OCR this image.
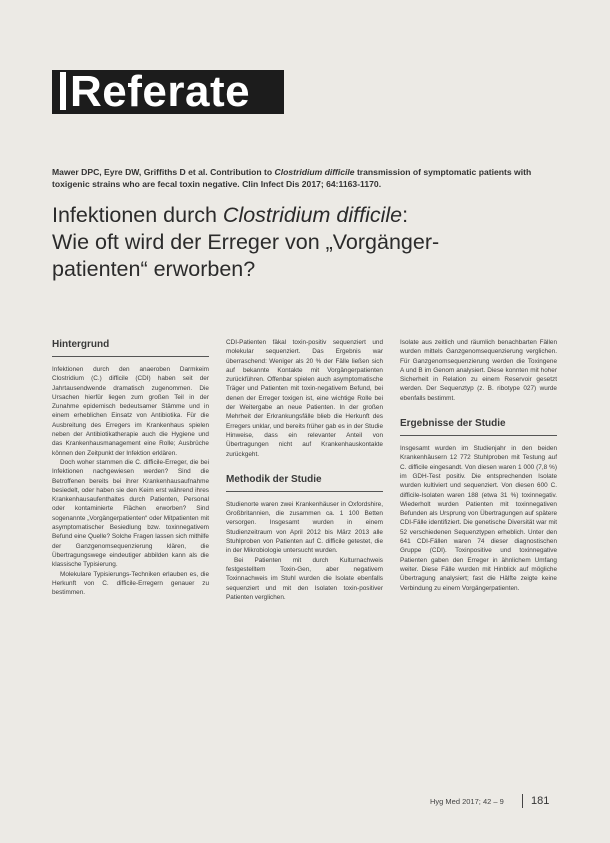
Referate
Mawer DPC, Eyre DW, Griffiths D et al. Contribution to Clostridium difficile transmission of symptomatic patients with toxigenic strains who are fecal toxin negative. Clin Infect Dis 2017; 64:1163-1170.
Infektionen durch Clostridium difficile:
Wie oft wird der Erreger von „Vorgänger-
patienten“ erworben?
Hintergrund

Infektionen durch den anaeroben Darmkeim Clostridium (C.) difficile (CDI) haben seit der Jahrtausendwende dramatisch zugenommen. Die Ursachen hierfür liegen zum großen Teil in der Zunahme epidemisch bedeutsamer Stämme und in einem erheblichen Einsatz von Antibiotika. Für die Ausbreitung des Erregers im Krankenhaus spielen neben der Antibiotikatherapie auch die Hygiene und das Krankenhausmanagement eine Rolle; Ausbrüche können den Zeitpunkt der Infektion erklären.

Doch woher stammen die C. difficile-Erreger, die bei Infektionen nachgewiesen werden? Sind die Betroffenen bereits bei ihrer Krankenhausaufnahme besiedelt, oder haben sie den Keim erst während ihres Krankenhausaufenthaltes durch Patienten, Personal oder kontaminierte Flächen erworben? Sind sogenannte „Vorgängerpatienten“ oder Mitpatienten mit asymptomatischer Besiedlung bzw. toxinnegativem Befund eine Quelle? Solche Fragen lassen sich mithilfe der Ganzgenomsequenzierung klären, die Übertragungswege eindeutiger abbilden kann als die klassische Typisierung.

Molekulare Typisierungs-Techniken erlauben es, die Herkunft von C. difficile-Erregern genauer zu bestimmen.

CDI-Patienten fäkal toxin-positiv sequenziert und molekular sequenziert. Das Ergebnis war überraschend: Weniger als 20 % der Fälle ließen sich auf bekannte Kontakte mit Vorgängerpatienten zurückführen. Offenbar spielen auch asymptomatische Träger und Patienten mit toxin-negativem Befund, bei denen der Erreger toxigen ist, eine wichtige Rolle bei der Weitergabe an neue Patienten. In der großen Mehrheit der Erkrankungsfälle blieb die Herkunft des Erregers unklar, und bereits früher gab es in der Studie Hinweise, dass ein relevanter Anteil von Übertragungen nicht auf Krankenhauskontakte zurückgeht.

Methodik der Studie

Studienorte waren zwei Krankenhäuser in Oxfordshire, Großbritannien, die zusammen ca. 1 100 Betten versorgen. Insgesamt wurden in einem Studienzeitraum von April 2012 bis März 2013 alle Stuhlproben von Patienten auf C. difficile getestet, die in der Mikrobiologie untersucht wurden.

Bei Patienten mit durch Kulturnachweis festgestelltem Toxin-Gen, aber negativem Toxinnachweis im Stuhl wurden die Isolate ebenfalls sequenziert und mit den Isolaten toxin-positiver Patienten verglichen.

Isolate aus zeitlich und räumlich benachbarten Fällen wurden mittels Ganzgenomsequenzierung verglichen. Für Ganzgenomsequenzierung werden die Toxingene A und B im Genom analysiert. Diese konnten mit hoher Sicherheit in Relation zu einem Reservoir gesetzt werden. Der Sequenztyp (z. B. ribotype 027) wurde ebenfalls bestimmt.

Ergebnisse der Studie

Insgesamt wurden im Studienjahr in den beiden Krankenhäusern 12 772 Stuhlproben mit Testung auf C. difficile eingesandt. Von diesen waren 1 000 (7,8 %) im GDH-Test positiv. Die entsprechenden Isolate wurden kultiviert und sequenziert. Von diesen 600 C. difficile-Isolaten waren 188 (etwa 31 %) toxinnegativ. Wiederholt wurden Patienten mit toxinnegativen Befunden als Ursprung von Übertragungen auf spätere CDI-Fälle identifiziert. Die genetische Diversität war mit 52 verschiedenen Sequenztypen erheblich. Unter den 641 CDI-Fällen waren 74 dieser diagnostischen Gruppe (CDI). Toxinpositive und toxinnegative Patienten gaben den Erreger in ähnlichem Umfang weiter. Diese Fälle wurden mit Hinblick auf mögliche Übertragung analysiert; fast die Hälfte zeigte keine Verbindung zu einem Vorgängerpatienten.

Hyg Med 2017; 42 – 9	181
